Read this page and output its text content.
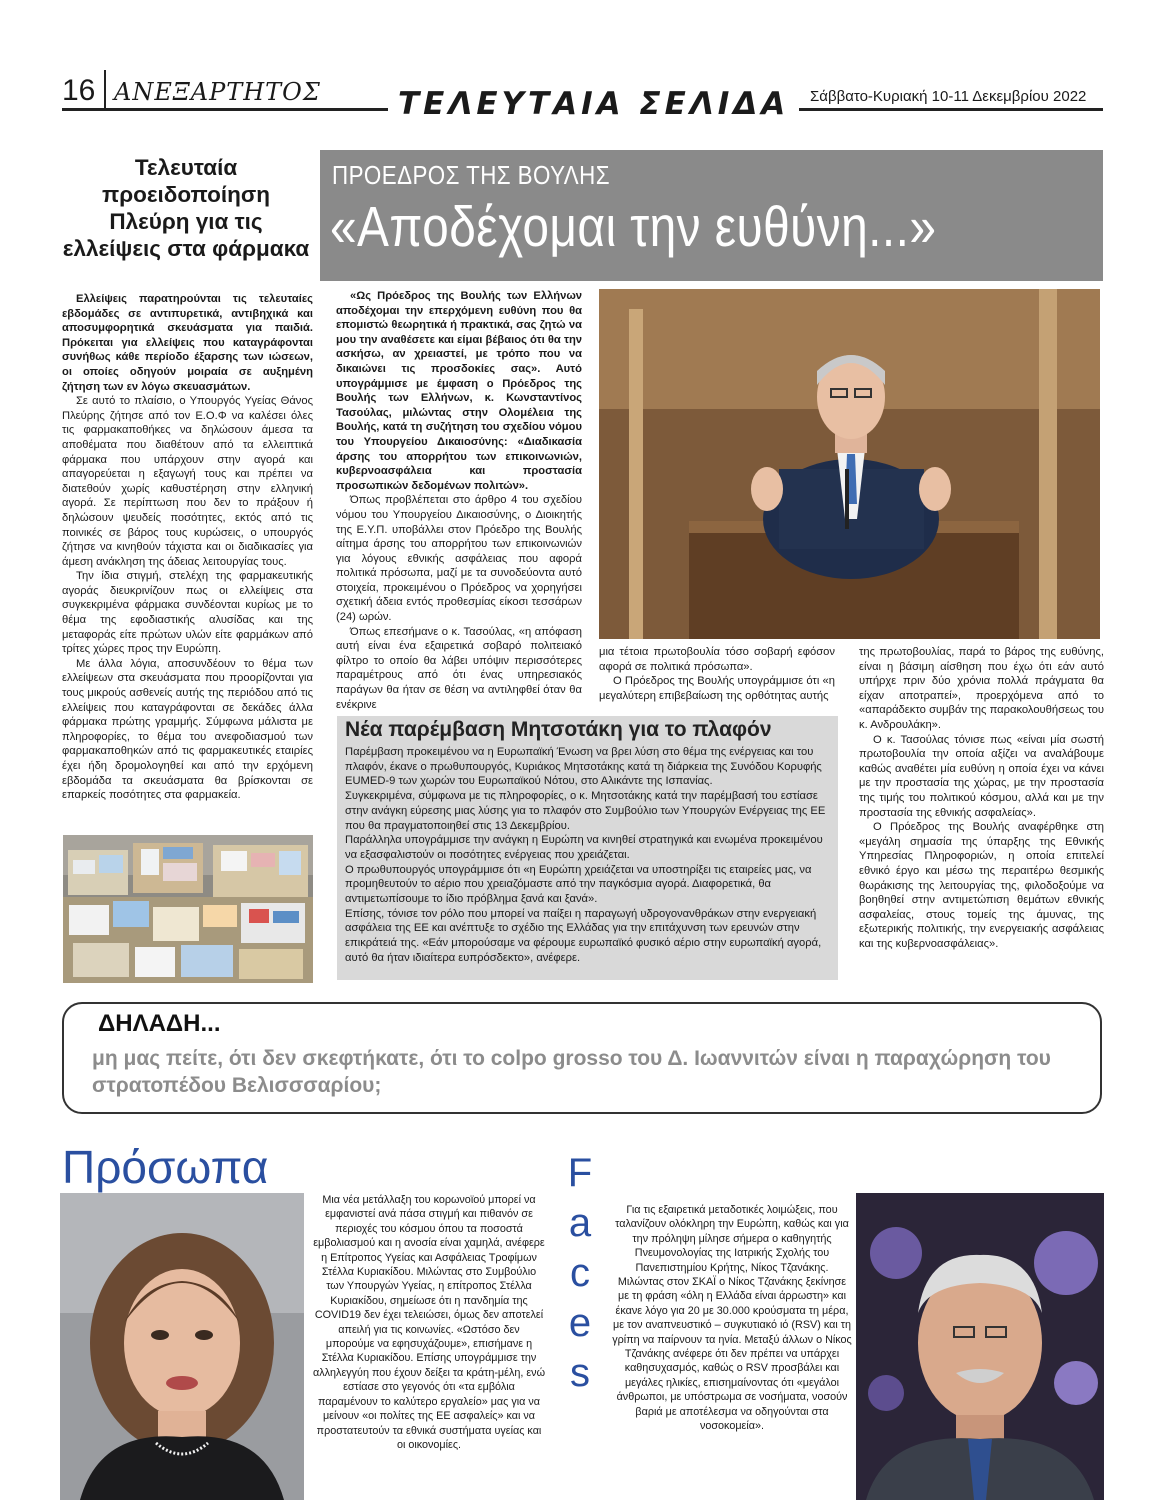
16 ΑΝΕΞΑΡΤΗΤΟΣ	ΤΕΛΕΥΤΑΙΑ ΣΕΛΙΔΑ	Σάββατο-Κυριακή 10-11 Δεκεμβρίου 2022
Τελευταία προειδοποίηση Πλεύρη για τις ελλείψεις στα φάρμακα

Ελλείψεις παρατηρούνται τις τελευταίες εβδομάδες σε αντιπυρετικά, αντιβηχικά και αποσυμφορητικά σκευάσματα για παιδιά. Πρόκειται για ελλείψεις που καταγράφονται συνήθως κάθε περίοδο έξαρσης των ιώσεων, οι οποίες οδηγούν μοιραία σε αυξημένη ζήτηση των εν λόγω σκευασμάτων.

Σε αυτό το πλαίσιο, ο Υπουργός Υγείας Θάνος Πλεύρης ζήτησε από τον Ε.Ο.Φ να καλέσει όλες τις φαρμακαποθήκες να δηλώσουν άμεσα τα αποθέματα που διαθέτουν από τα ελλειπτικά φάρμακα που υπάρχουν στην αγορά και απαγορεύεται η εξαγωγή τους και πρέπει να διατεθούν χωρίς καθυστέρηση στην ελληνική αγορά. Σε περίπτωση που δεν το πράξουν ή δηλώσουν ψευδείς ποσότητες, εκτός από τις ποινικές σε βάρος τους κυρώσεις, ο υπουργός ζήτησε να κινηθούν τάχιστα και οι διαδικασίες για άμεση ανάκληση της άδειας λειτουργίας τους.

Την ίδια στιγμή, στελέχη της φαρμακευτικής αγοράς διευκρινίζουν πως οι ελλείψεις στα συγκεκριμένα φάρμακα συνδέονται κυρίως με το θέμα της εφοδιαστικής αλυσίδας και της μεταφοράς είτε πρώτων υλών είτε φαρμάκων από τρίτες χώρες προς την Ευρώπη.

Με άλλα λόγια, αποσυνδέουν το θέμα των ελλείψεων στα σκευάσματα που προορίζονται για τους μικρούς ασθενείς αυτής της περιόδου από τις ελλείψεις που καταγράφονται σε δεκάδες άλλα φάρμακα πρώτης γραμμής. Σύμφωνα μάλιστα με πληροφορίες, το θέμα του ανεφοδιασμού των φαρμακαποθηκών από τις φαρμακευτικές εταιρίες έχει ήδη δρομολογηθεί και από την ερχόμενη εβδομάδα τα σκευάσματα θα βρίσκονται σε επαρκείς ποσότητες στα φαρμακεία.

ΠΡΟΕΔΡΟΣ ΤΗΣ ΒΟΥΛΗΣ
«Αποδέχομαι την ευθύνη...»

«Ως Πρόεδρος της Βουλής των Ελλήνων αποδέχομαι την επερχόμενη ευθύνη που θα επομιστώ θεωρητικά ή πρακτικά, σας ζητώ να μου την αναθέσετε και είμαι βέβαιος ότι θα την ασκήσω, αν χρειαστεί, με τρόπο που να δικαιώνει τις προσδοκίες σας». Αυτό υπογράμμισε με έμφαση ο Πρόεδρος της Βουλής των Ελλήνων, κ. Κωνσταντίνος Τασούλας, μιλώντας στην Ολομέλεια της Βουλής, κατά τη συζήτηση του σχεδίου νόμου του Υπουργείου Δικαιοσύνης: «Διαδικασία άρσης του απορρήτου των επικοινωνιών, κυβερνοασφάλεια και προστασία προσωπικών δεδομένων πολιτών».

Όπως προβλέπεται στο άρθρο 4 του σχεδίου νόμου του Υπουργείου Δικαιοσύνης, ο Διοικητής της Ε.Υ.Π. υποβάλλει στον Πρόεδρο της Βουλής αίτημα άρσης του απορρήτου των επικοινωνιών για λόγους εθνικής ασφάλειας που αφορά πολιτικά πρόσωπα, μαζί με τα συνοδεύοντα αυτό στοιχεία, προκειμένου ο Πρόεδρος να χορηγήσει σχετική άδεια εντός προθεσμίας είκοσι τεσσάρων (24) ωρών.

Όπως επεσήμανε ο κ. Τασούλας, «η απόφαση αυτή είναι ένα εξαιρετικά σοβαρό πολιτειακό φίλτρο το οποίο θα λάβει υπόψιν περισσότερες παραμέτρους από ότι ένας υπηρεσιακός παράγων θα ήταν σε θέση να αντιληφθεί όταν θα ενέκρινε

μια τέτοια πρωτοβουλία τόσο σοβαρή εφόσον αφορά σε πολιτικά πρόσωπα».

Ο Πρόεδρος της Βουλής υπογράμμισε ότι «η μεγαλύτερη επιβεβαίωση της ορθότητας αυτής

της πρωτοβουλίας, παρά το βάρος της ευθύνης, είναι η βάσιμη αίσθηση που έχω ότι εάν αυτό υπήρχε πριν δύο χρόνια πολλά πράγματα θα είχαν αποτραπεί», προερχόμενα από το «απαράδεκτο συμβάν της παρακολουθήσεως του κ. Ανδρουλάκη».

Ο κ. Τασούλας τόνισε πως «είναι μία σωστή πρωτοβουλία την οποία αξίζει να αναλάβουμε καθώς αναθέτει μία ευθύνη η οποία έχει να κάνει με την προστασία της χώρας, με την προστασία της τιμής του πολιτικού κόσμου, αλλά και με την προστασία της εθνικής ασφαλείας».

Ο Πρόεδρος της Βουλής αναφέρθηκε στη «μεγάλη σημασία της ύπαρξης της Εθνικής Υπηρεσίας Πληροφοριών, η οποία επιτελεί εθνικό έργο και μέσω της περαιτέρω θεσμικής θωράκισης της λειτουργίας της, φιλοδοξούμε να βοηθηθεί στην αντιμετώπιση θεμάτων εθνικής ασφαλείας, στους τομείς της άμυνας, της εξωτερικής πολιτικής, την ενεργειακής ασφάλειας και της κυβερνοασφάλειας».

Νέα παρέμβαση Μητσοτάκη για το πλαφόν

Παρέμβαση προκειμένου να η Ευρωπαϊκή Ένωση να βρει λύση στο θέμα της ενέργειας και του πλαφόν, έκανε ο πρωθυπουργός, Κυριάκος Μητσοτάκης κατά τη διάρκεια της Συνόδου Κορυφής EUMED-9 των χωρών του Ευρωπαϊκού Νότου, στο Αλικάντε της Ισπανίας.

Συγκεκριμένα, σύμφωνα με τις πληροφορίες, ο κ. Μητσοτάκης κατά την παρέμβασή του εστίασε στην ανάγκη εύρεσης μιας λύσης για το πλαφόν στο Συμβούλιο των Υπουργών Ενέργειας της ΕΕ που θα πραγματοποιηθεί στις 13 Δεκεμβρίου.

Παράλληλα υπογράμμισε την ανάγκη η Ευρώπη να κινηθεί στρατηγικά και ενωμένα προκειμένου να εξασφαλιστούν οι ποσότητες ενέργειας που χρειάζεται.

Ο πρωθυπουργός υπογράμμισε ότι «η Ευρώπη χρειάζεται να υποστηρίξει τις εταιρείες μας, να προμηθευτούν το αέριο που χρειαζόμαστε από την παγκόσμια αγορά. Διαφορετικά, θα αντιμετωπίσουμε το ίδιο πρόβλημα ξανά και ξανά».

Επίσης, τόνισε τον ρόλο που μπορεί να παίξει η παραγωγή υδρογονανθράκων στην ενεργειακή ασφάλεια της ΕΕ και ανέπτυξε το σχέδιο της Ελλάδας για την επιτάχυνση των ερευνών στην επικράτειά της. «Εάν μπορούσαμε να φέρουμε ευρωπαϊκό φυσικό αέριο στην ευρωπαϊκή αγορά, αυτό θα ήταν ιδιαίτερα ευπρόσδεκτο», ανέφερε.

ΔΗΛΑΔΗ...
μη μας πείτε, ότι δεν σκεφτήκατε, ότι το colpo grosso του Δ. Ιωαννιτών είναι η παραχώρηση του στρατοπέδου Βελισσσαρίου;
Πρόσωπα
Μια νέα μετάλλαξη του κορωνοϊού μπορεί να εμφανιστεί ανά πάσα στιγμή και πιθανόν σε περιοχές του κόσμου όπου τα ποσοστά εμβολιασμού και η ανοσία είναι χαμηλά, ανέφερε η Επίτροπος Υγείας και Ασφάλειας Τροφίμων Στέλλα Κυριακίδου. Μιλώντας στο Συμβούλιο των Υπουργών Υγείας, η επίτροπος Στέλλα Κυριακίδου, σημείωσε ότι η πανδημία της COVID19 δεν έχει τελειώσει, όμως δεν αποτελεί απειλή για τις κοινωνίες. «Ωστόσο δεν μπορούμε να εφησυχάζουμε», επισήμανε η Στέλλα Κυριακίδου. Επίσης υπογράμμισε την αλληλεγγύη που έχουν δείξει τα κράτη-μέλη, ενώ εστίασε στο γεγονός ότι «τα εμβόλια παραμένουν το καλύτερο εργαλείο» μας για να μείνουν «οι πολίτες της ΕΕ ασφαλείς» και να προστατευτούν τα εθνικά συστήματα υγείας και οι οικονομίες.
F
a
c
e
s
Για τις εξαιρετικά μεταδοτικές λοιμώξεις, που ταλανίζουν ολόκληρη την Ευρώπη, καθώς και για την πρόληψη μίλησε σήμερα ο καθηγητής Πνευμονολογίας της Ιατρικής Σχολής του Πανεπιστημίου Κρήτης, Νίκος Τζανάκης. Μιλώντας στον ΣΚΑΪ ο Νίκος Τζανάκης ξεκίνησε με τη φράση «όλη η Ελλάδα είναι άρρωστη» και έκανε λόγο για 20 με 30.000 κρούσματα τη μέρα, με τον αναπνευστικό – συγκυτιακό ιό (RSV) και τη γρίπη να παίρνουν τα ηνία. Μεταξύ άλλων ο Νίκος Τζανάκης ανέφερε ότι δεν πρέπει να υπάρχει καθησυχασμός, καθώς ο RSV προσβάλει και μεγάλες ηλικίες, επισημαίνοντας ότι «μεγάλοι άνθρωποι, με υπόστρωμα σε νοσήματα, νοσούν βαριά με αποτέλεσμα να οδηγούνται στα νοσοκομεία».
